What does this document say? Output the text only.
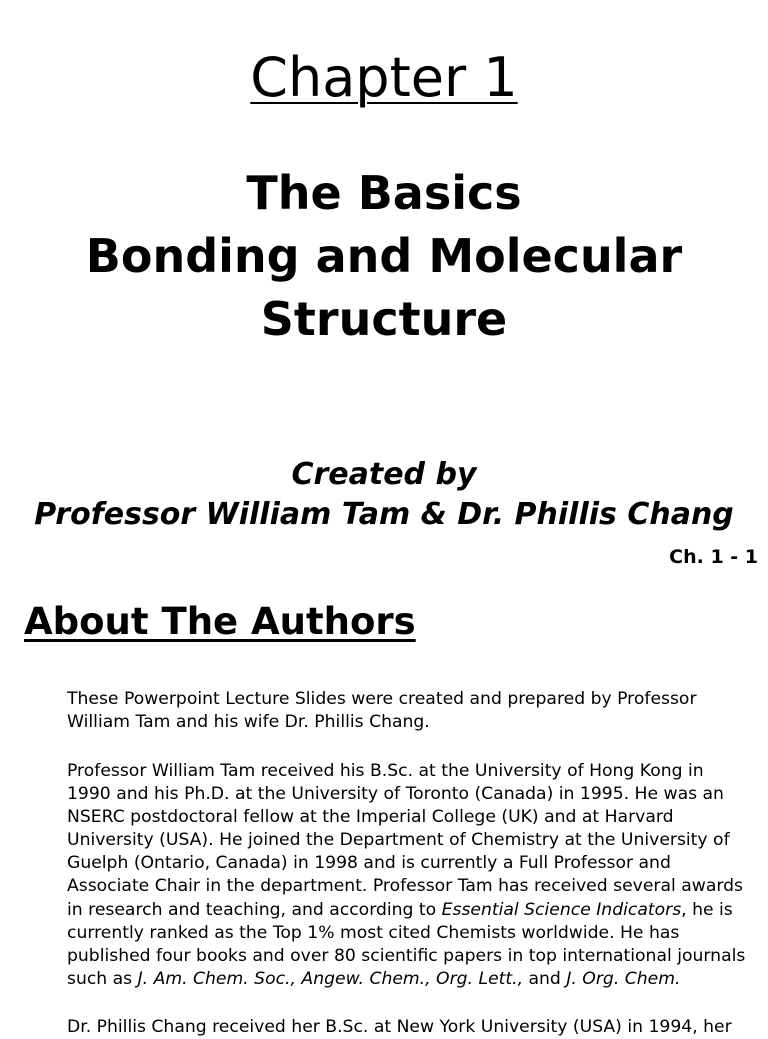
Chapter 1
The Basics
Bonding and Molecular
Structure
Created by
Professor William Tam & Dr. Phillis Chang
Ch. 1 - 1
About The Authors
These Powerpoint Lecture Slides were created and prepared by Professor
William Tam and his wife Dr. Phillis Chang.
Professor William Tam received his B.Sc. at the University of Hong Kong in
1990 and his Ph.D. at the University of Toronto (Canada) in 1995. He was an
NSERC postdoctoral fellow at the Imperial College (UK) and at Harvard
University (USA). He joined the Department of Chemistry at the University of
Guelph (Ontario, Canada) in 1998 and is currently a Full Professor and
Associate Chair in the department. Professor Tam has received several awards
in research and teaching, and according to Essential Science Indicators, he is
currently ranked as the Top 1% most cited Chemists worldwide. He has
published four books and over 80 scientific papers in top international journals
such as J. Am. Chem. Soc., Angew. Chem., Org. Lett., and J. Org. Chem.
Dr. Phillis Chang received her B.Sc. at New York University (USA) in 1994, her
